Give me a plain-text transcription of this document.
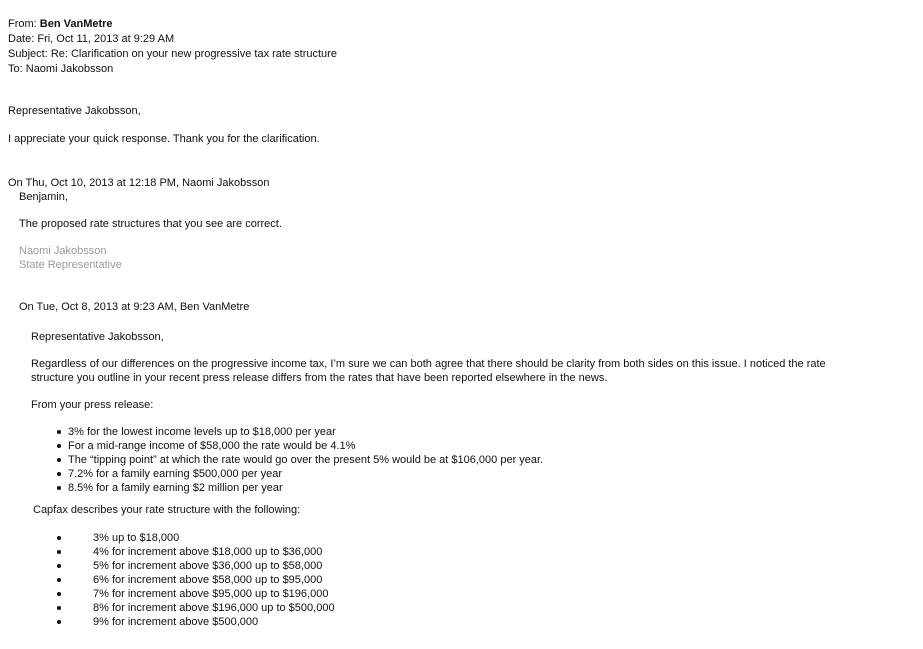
From: Ben VanMetre
Date: Fri, Oct 11, 2013 at 9:29 AM
Subject: Re: Clarification on your new progressive tax rate structure
To: Naomi Jakobsson
Representative Jakobsson,
I appreciate your quick response. Thank you for the clarification.
On Thu, Oct 10, 2013 at 12:18 PM, Naomi Jakobsson
Benjamin,
The proposed rate structures that you see are correct.
Naomi Jakobsson
State Representative
On Tue, Oct 8, 2013 at 9:23 AM, Ben VanMetre
Representative Jakobsson,
Regardless of our differences on the progressive income tax, I’m sure we can both agree that there should be clarity from both sides on this issue. I noticed the rate
structure you outline in your recent press release differs from the rates that have been reported elsewhere in the news.
From your press release:
3% for the lowest income levels up to $18,000 per year
For a mid-range income of $58,000 the rate would be 4.1%
The “tipping point” at which the rate would go over the present 5% would be at $106,000 per year.
7.2% for a family earning $500,000 per year
8.5% for a family earning $2 million per year
Capfax describes your rate structure with the following:
3% up to $18,000
4% for increment above $18,000 up to $36,000
5% for increment above $36,000 up to $58,000
6% for increment above $58,000 up to $95,000
7% for increment above $95,000 up to $196,000
8% for increment above $196,000 up to $500,000
9% for increment above $500,000
